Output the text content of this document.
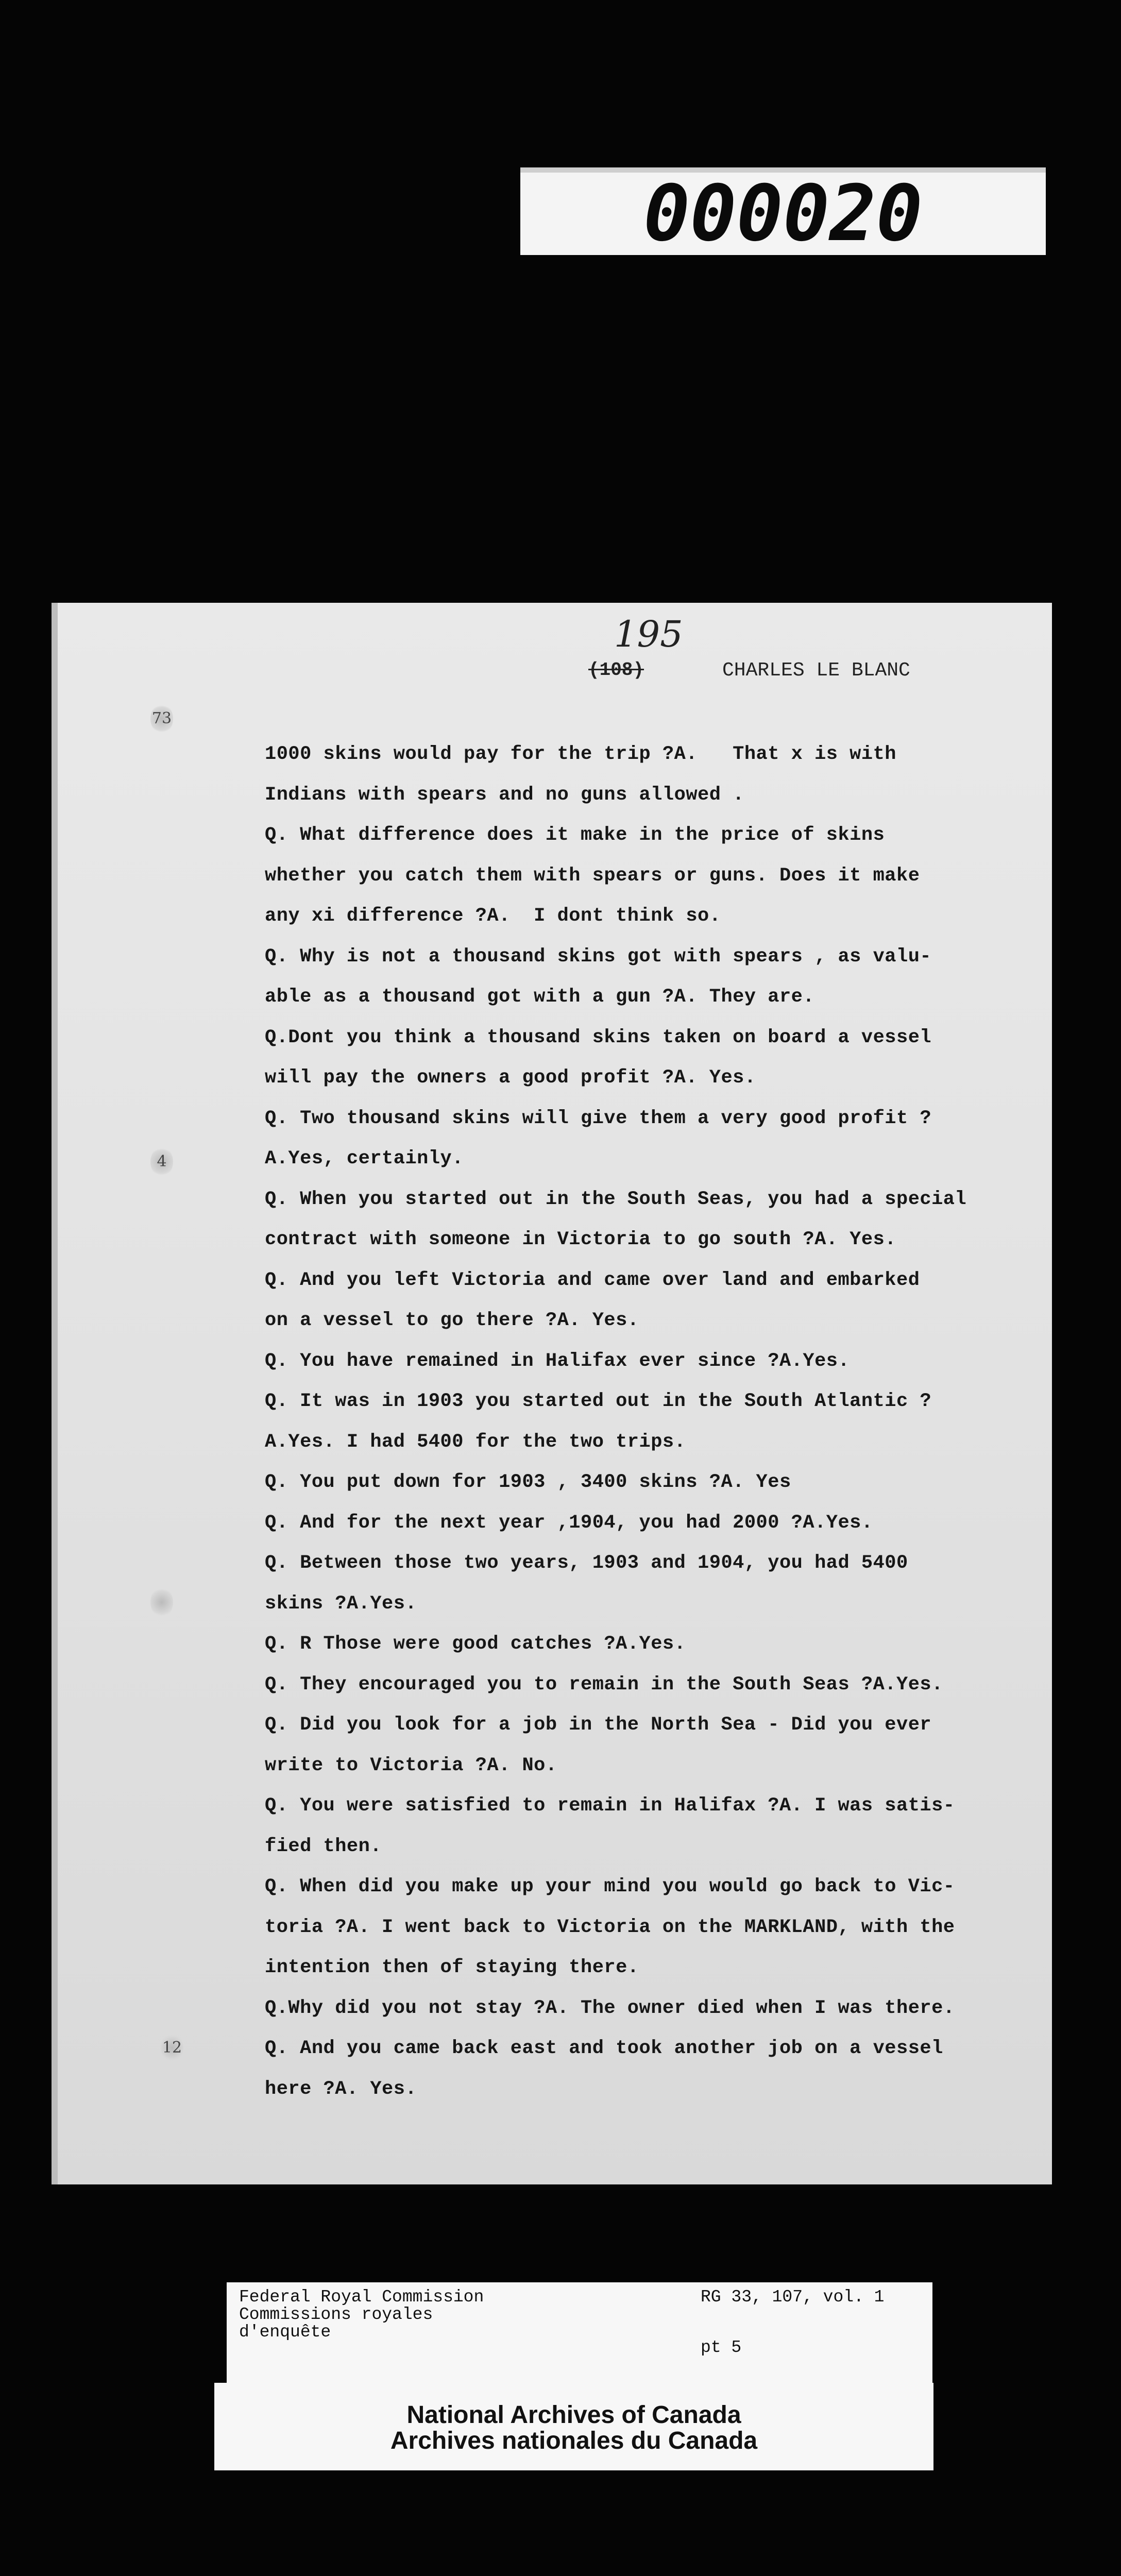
000020
195
(108)	CHARLES LE BLANC
73
4
12
1000 skins would pay for the trip ?A.   That x is with
Indians with spears and no guns allowed .
Q. What difference does it make in the price of skins
whether you catch them with spears or guns. Does it make
any xi difference ?A.  I dont think so.
Q. Why is not a thousand skins got with spears , as valu-
able as a thousand got with a gun ?A. They are.
Q.Dont you think a thousand skins taken on board a vessel
will pay the owners a good profit ?A. Yes.
Q. Two thousand skins will give them a very good profit ?
A.Yes, certainly.
Q. When you started out in the South Seas, you had a special
contract with someone in Victoria to go south ?A. Yes.
Q. And you left Victoria and came over land and embarked
on a vessel to go there ?A. Yes.
Q. You have remained in Halifax ever since ?A.Yes.
Q. It was in 1903 you started out in the South Atlantic ?
A.Yes. I had 5400 for the two trips.
Q. You put down for 1903 , 3400 skins ?A. Yes
Q. And for the next year ,1904, you had 2000 ?A.Yes.
Q. Between those two years, 1903 and 1904, you had 5400
skins ?A.Yes.
Q. R Those were good catches ?A.Yes.
Q. They encouraged you to remain in the South Seas ?A.Yes.
Q. Did you look for a job in the North Sea - Did you ever
write to Victoria ?A. No.
Q. You were satisfied to remain in Halifax ?A. I was satis-
fied then.
Q. When did you make up your mind you would go back to Vic-
toria ?A. I went back to Victoria on the MARKLAND, with the
intention then of staying there.
Q.Why did you not stay ?A. The owner died when I was there.
Q. And you came back east and took another job on a vessel
here ?A. Yes.
Federal Royal Commission
Commissions royales
d'enquête
RG 33, 107, vol. 1
pt 5
National Archives of Canada
Archives nationales du Canada
